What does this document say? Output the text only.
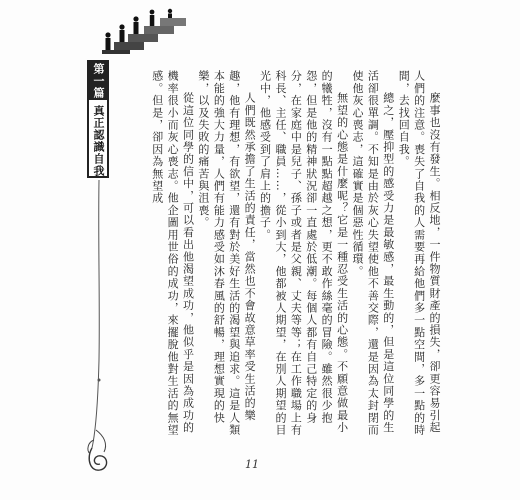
第一篇
真正認識自我	麼事也沒有發生。相反地，一件物質財產的損失，卻更容易引起人們的注意。喪失了自我的人需要再給他們多一點空間，多一點的時間，去找回自我。

總之，壓抑型的感受力是最敏感，最生動的，但是這位同學的生活卻很單調。不知是由於灰心失望使他不善交際，還是因為太封閉而使他灰心喪志，這確實是個惡性循環。

無望的心態是什麼呢？它是一種忍受生活的心態。不願意做最小的犧牲，沒有一點點超越之想，更不敢作絲毫的冒險。雖然很少抱怨，但是他的精神狀況卻一直處於低潮。每個人都有自己特定的身分，在家庭中是兒子、孫子或者是父親、丈夫等等；在工作職場上有科長、主任、職員……，從小到大，他都被人期望，在別人期望的目光中，他感受到了肩上的擔子。

人們既然承擔了生活的責任，當然也不會故意草率受生活的樂趣，他有理想，有欲望，還有對於美好生活的渴望與追求。這是人類本能的強大力量，人們有能力感受如沐春風的舒暢，理想實現的快樂，以及失敗的痛苦與沮喪。

從這位同學的信中，可以看出他渴望成功，他似乎是因為成功的機率很小而灰心喪志。他企圖用世俗的成功，來擺脫他對生活的無望感。但是，卻因為無望成

11
